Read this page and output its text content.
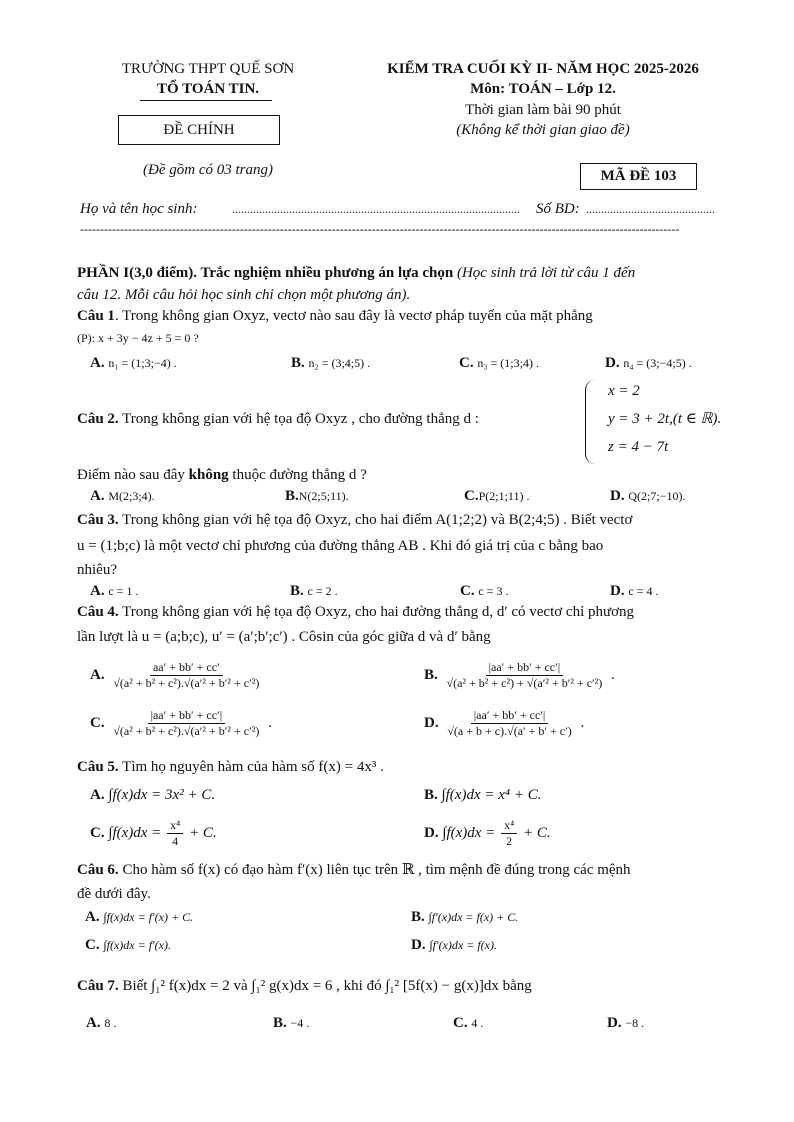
TRƯỜNG THPT QUẾ SƠN
TỔ TOÁN TIN.
ĐỀ CHÍNH
(Đề gồm có 03 trang)
KIỂM TRA CUỐI KỲ II- NĂM HỌC 2025-2026
Môn: TOÁN – Lớp 12.
Thời gian làm bài 90 phút
(Không kể thời gian giao đề)
MÃ ĐỀ 103
Họ và tên học sinh:	................................................................................................ Số BD: ...........................................
------------------------------------------------------------------------------------------------------------------------------------------------------
PHẦN I(3,0 điểm). Trắc nghiệm nhiều phương án lựa chọn (Học sinh trả lời từ câu 1 đến
câu 12. Mỗi câu hỏi học sinh chỉ chọn một phương án).
Câu 1. Trong không gian Oxyz, vectơ nào sau đây là vectơ pháp tuyến của mặt phẳng
(P): x + 3y − 4z + 5 = 0 ?
A. n₁ = (1;3;−4) .	B. n₂ = (3;4;5) .	C. n₃ = (1;3;4) .	D. n₄ = (3;−4;5) .
Câu 2. Trong không gian với hệ tọa độ Oxyz , cho đường thẳng d :
x = 2
y = 3 + 2t,(t ∈ ℝ).
z = 4 − 7t
Điểm nào sau đây không thuộc đường thẳng d ?
A. M(2;3;4).	B.N(2;5;11).	C.P(2;1;11) .	D. Q(2;7;−10).
Câu 3. Trong không gian với hệ tọa độ Oxyz, cho hai điểm A(1;2;2) và B(2;4;5) . Biết vectơ
u = (1;b;c) là một vectơ chỉ phương của đường thẳng AB . Khi đó giá trị của c bằng bao
nhiêu?
A. c = 1 .	B. c = 2 .	C. c = 3 .	D. c = 4 .
Câu 4. Trong không gian với hệ tọa độ Oxyz, cho hai đường thẳng d, d′ có vectơ chỉ phương
lần lượt là u = (a;b;c), u′ = (a′;b′;c′) . Côsin của góc giữa d và d′ bằng
A. $\frac{aa' + bb' + cc'}{\text{√(a² + b² + c²).√(a′² + b′² + c′²)}}$	B. $\frac{|aa' + bb' + cc'|}{\text{√(a² + b² + c²) + √(a′² + b′² + c′²)}}$ .
C. $\frac{|aa' + bb' + cc'|}{\text{√(a² + b² + c²).√(a′² + b′² + c′²)}}$ .	D. $\frac{|aa' + bb' + cc'|}{√(a + b + c).√(a' + b' + c')}$ .
Câu 5. Tìm họ nguyên hàm của hàm số f(x) = 4x³ .
A. ∫f(x)dx = 3x² + C.	B. ∫f(x)dx = x⁴ + C.
C. $\int f(x)dx = \frac{\text{x⁴}}{4} + C$.	D. $\int f(x)dx = \frac{\text{x⁴}}{2} + C$.
Câu 6. Cho hàm số f(x) có đạo hàm f′(x) liên tục trên ℝ , tìm mệnh đề đúng trong các mệnh
đề dưới đây.
A. ∫f(x)dx = f′(x) + C.	B. ∫f′(x)dx = f(x) + C.
C. ∫f(x)dx = f′(x).	D. ∫f′(x)dx = f(x).
Câu 7. Biết ∫₁² f(x)dx = 2 và ∫₁² g(x)dx = 6 , khi đó ∫₁² [5f(x) − g(x)]dx bằng
A. 8 .	B. −4 .	C. 4 .	D. −8 .
